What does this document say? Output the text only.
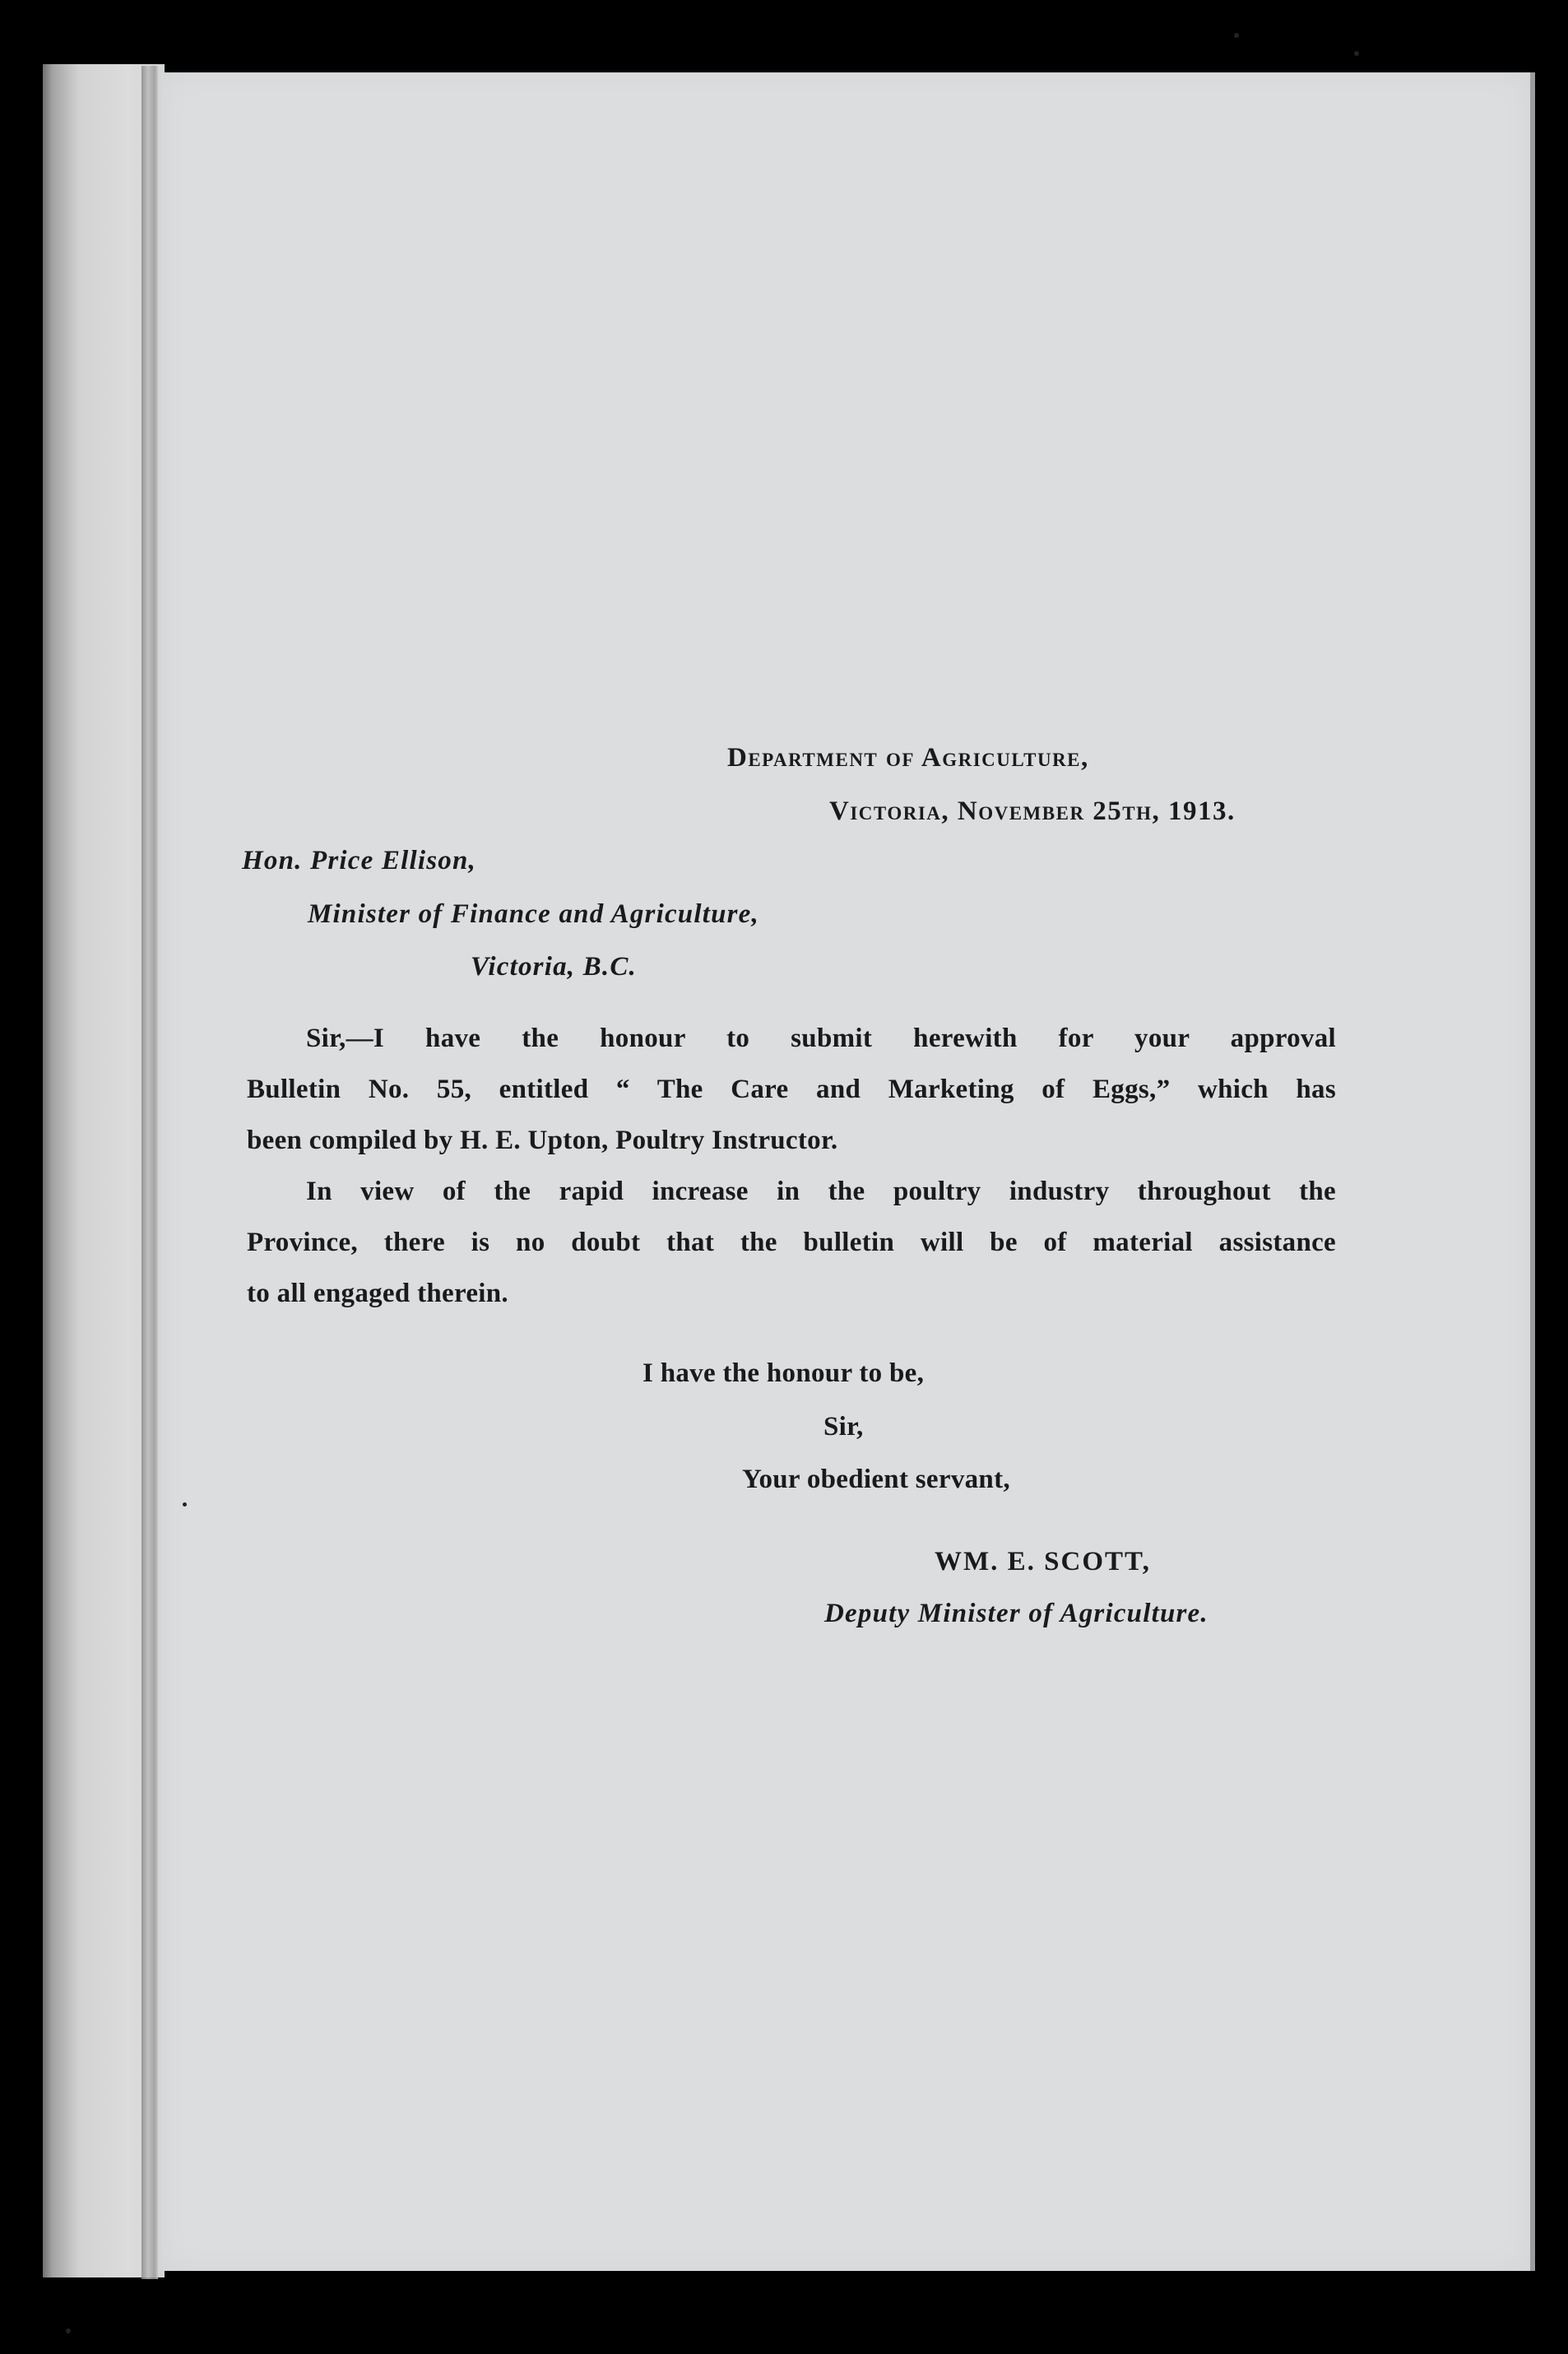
Department of Agriculture,
Victoria, November 25th, 1913.
Hon. Price Ellison,
Minister of Finance and Agriculture,
Victoria, B.C.
Sir,—I have the honour to submit herewith for your approval
Bulletin No. 55, entitled “ The Care and Marketing of Eggs,” which has
been compiled by H. E. Upton, Poultry Instructor.
In view of the rapid increase in the poultry industry throughout the
Province, there is no doubt that the bulletin will be of material assistance
to all engaged therein.
I have the honour to be,
Sir,
Your obedient servant,
WM. E. SCOTT,
Deputy Minister of Agriculture.
